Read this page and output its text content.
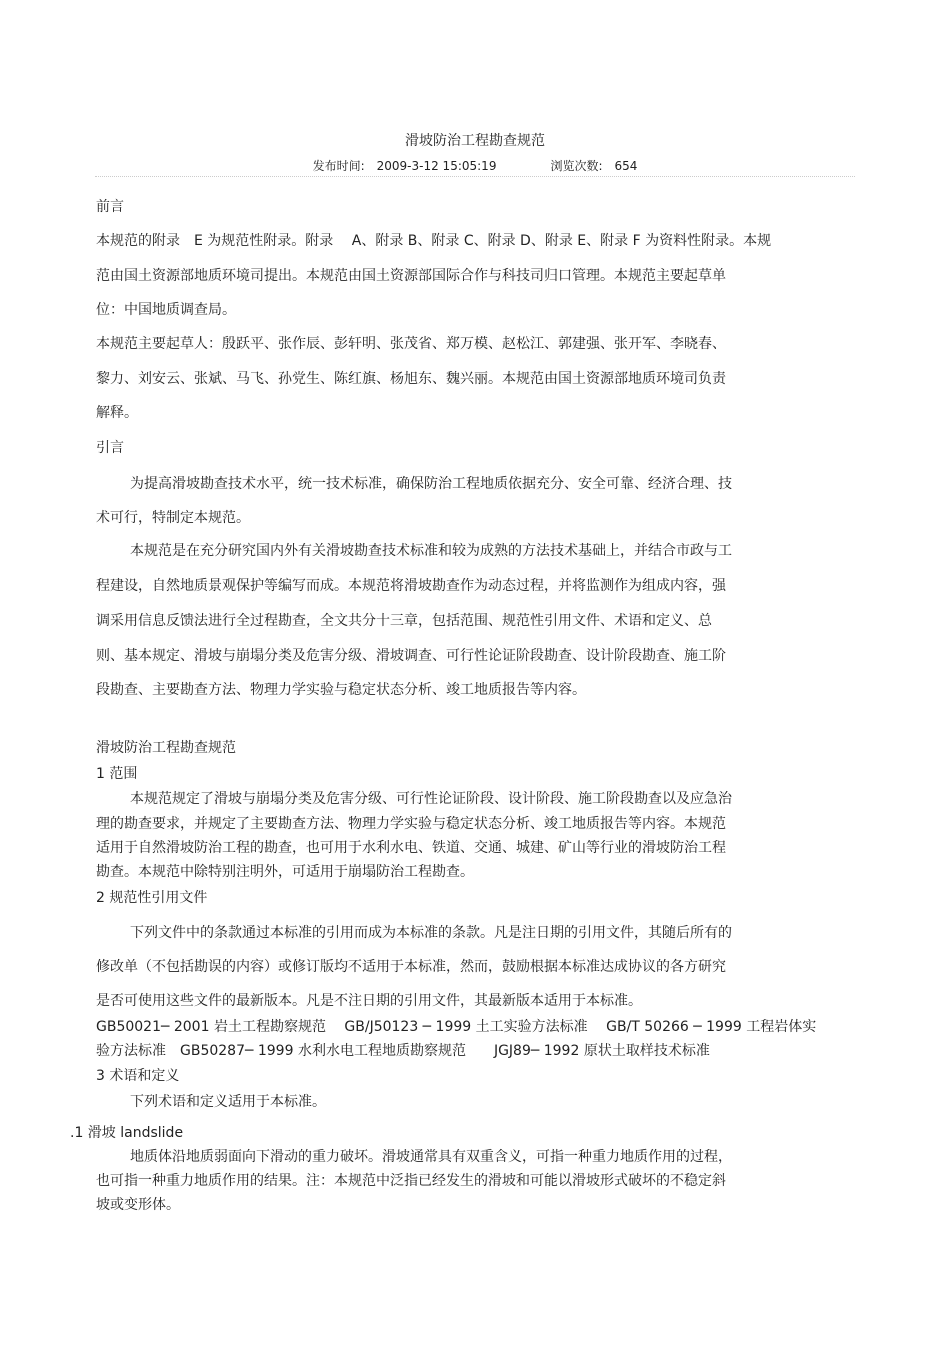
滑坡防治工程勘查规范
发布时间: 2009-3-12 15:05:19	浏览次数: 654
前言
本规范的附录　E 为规范性附录。附录　 A、附录 B、附录 C、附录 D、附录 E、附录 F 为资料性附录。本规
范由国土资源部地质环境司提出。本规范由国土资源部国际合作与科技司归口管理。本规范主要起草单
位：中国地质调查局。
本规范主要起草人：殷跃平、张作辰、彭轩明、张茂省、郑万模、赵松江、郭建强、张开军、李晓春、
黎力、刘安云、张斌、马飞、孙党生、陈红旗、杨旭东、魏兴丽。本规范由国土资源部地质环境司负责
解释。
引言
为提高滑坡勘查技术水平，统一技术标准，确保防治工程地质依据充分、安全可靠、经济合理、技
术可行，特制定本规范。
本规范是在充分研究国内外有关滑坡勘查技术标准和较为成熟的方法技术基础上，并结合市政与工
程建设，自然地质景观保护等编写而成。本规范将滑坡勘查作为动态过程，并将监测作为组成内容，强
调采用信息反馈法进行全过程勘查，全文共分十三章，包括范围、规范性引用文件、术语和定义、总
则、基本规定、滑坡与崩塌分类及危害分级、滑坡调查、可行性论证阶段勘查、设计阶段勘查、施工阶
段勘查、主要勘查方法、物理力学实验与稳定状态分析、竣工地质报告等内容。
滑坡防治工程勘查规范
1 范围
本规范规定了滑坡与崩塌分类及危害分级、可行性论证阶段、设计阶段、施工阶段勘查以及应急治
理的勘查要求，并规定了主要勘查方法、物理力学实验与稳定状态分析、竣工地质报告等内容。本规范
适用于自然滑坡防治工程的勘查，也可用于水利水电、铁道、交通、城建、矿山等行业的滑坡防治工程
勘查。本规范中除特别注明外，可适用于崩塌防治工程勘查。
2 规范性引用文件
下列文件中的条款通过本标准的引用而成为本标准的条款。凡是注日期的引用文件，其随后所有的
修改单（不包括勘误的内容）或修订版均不适用于本标准，然而，鼓励根据本标准达成协议的各方研究
是否可使用这些文件的最新版本。凡是不注日期的引用文件，其最新版本适用于本标准。
GB50021─ 2001 岩土工程勘察规范　 GB/J50123 ─ 1999 土工实验方法标准　 GB/T 50266 ─ 1999 工程岩体实
验方法标准　GB50287─ 1999 水利水电工程地质勘察规范　　JGJ89─ 1992 原状土取样技术标准
3 术语和定义
下列术语和定义适用于本标准。
.1 滑坡 landslide
地质体沿地质弱面向下滑动的重力破坏。滑坡通常具有双重含义，可指一种重力地质作用的过程，
也可指一种重力地质作用的结果。注：本规范中泛指已经发生的滑坡和可能以滑坡形式破坏的不稳定斜
坡或变形体。
